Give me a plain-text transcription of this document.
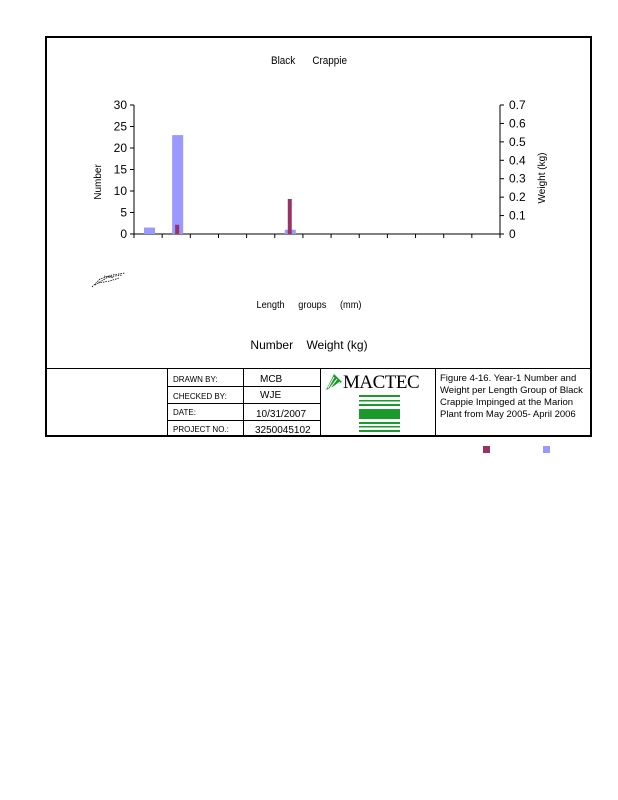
Black Crappie
0
5
10
15
20
25
30
0
0.1
0.2
0.3
0.4
0.5
0.6
0.7
Number	Weight (kg)
Length groups (mm)
Number Weight (kg)
DRAWN BY:	MCB
CHECKED BY:	WJE
DATE:	10/31/2007
PROJECT NO.:	3250045102
MACTEC Figure 4-16. Year-1 Number and Weight per Length Group of Black Crappie Impinged at the Marion Plant from May 2005- April 2006
